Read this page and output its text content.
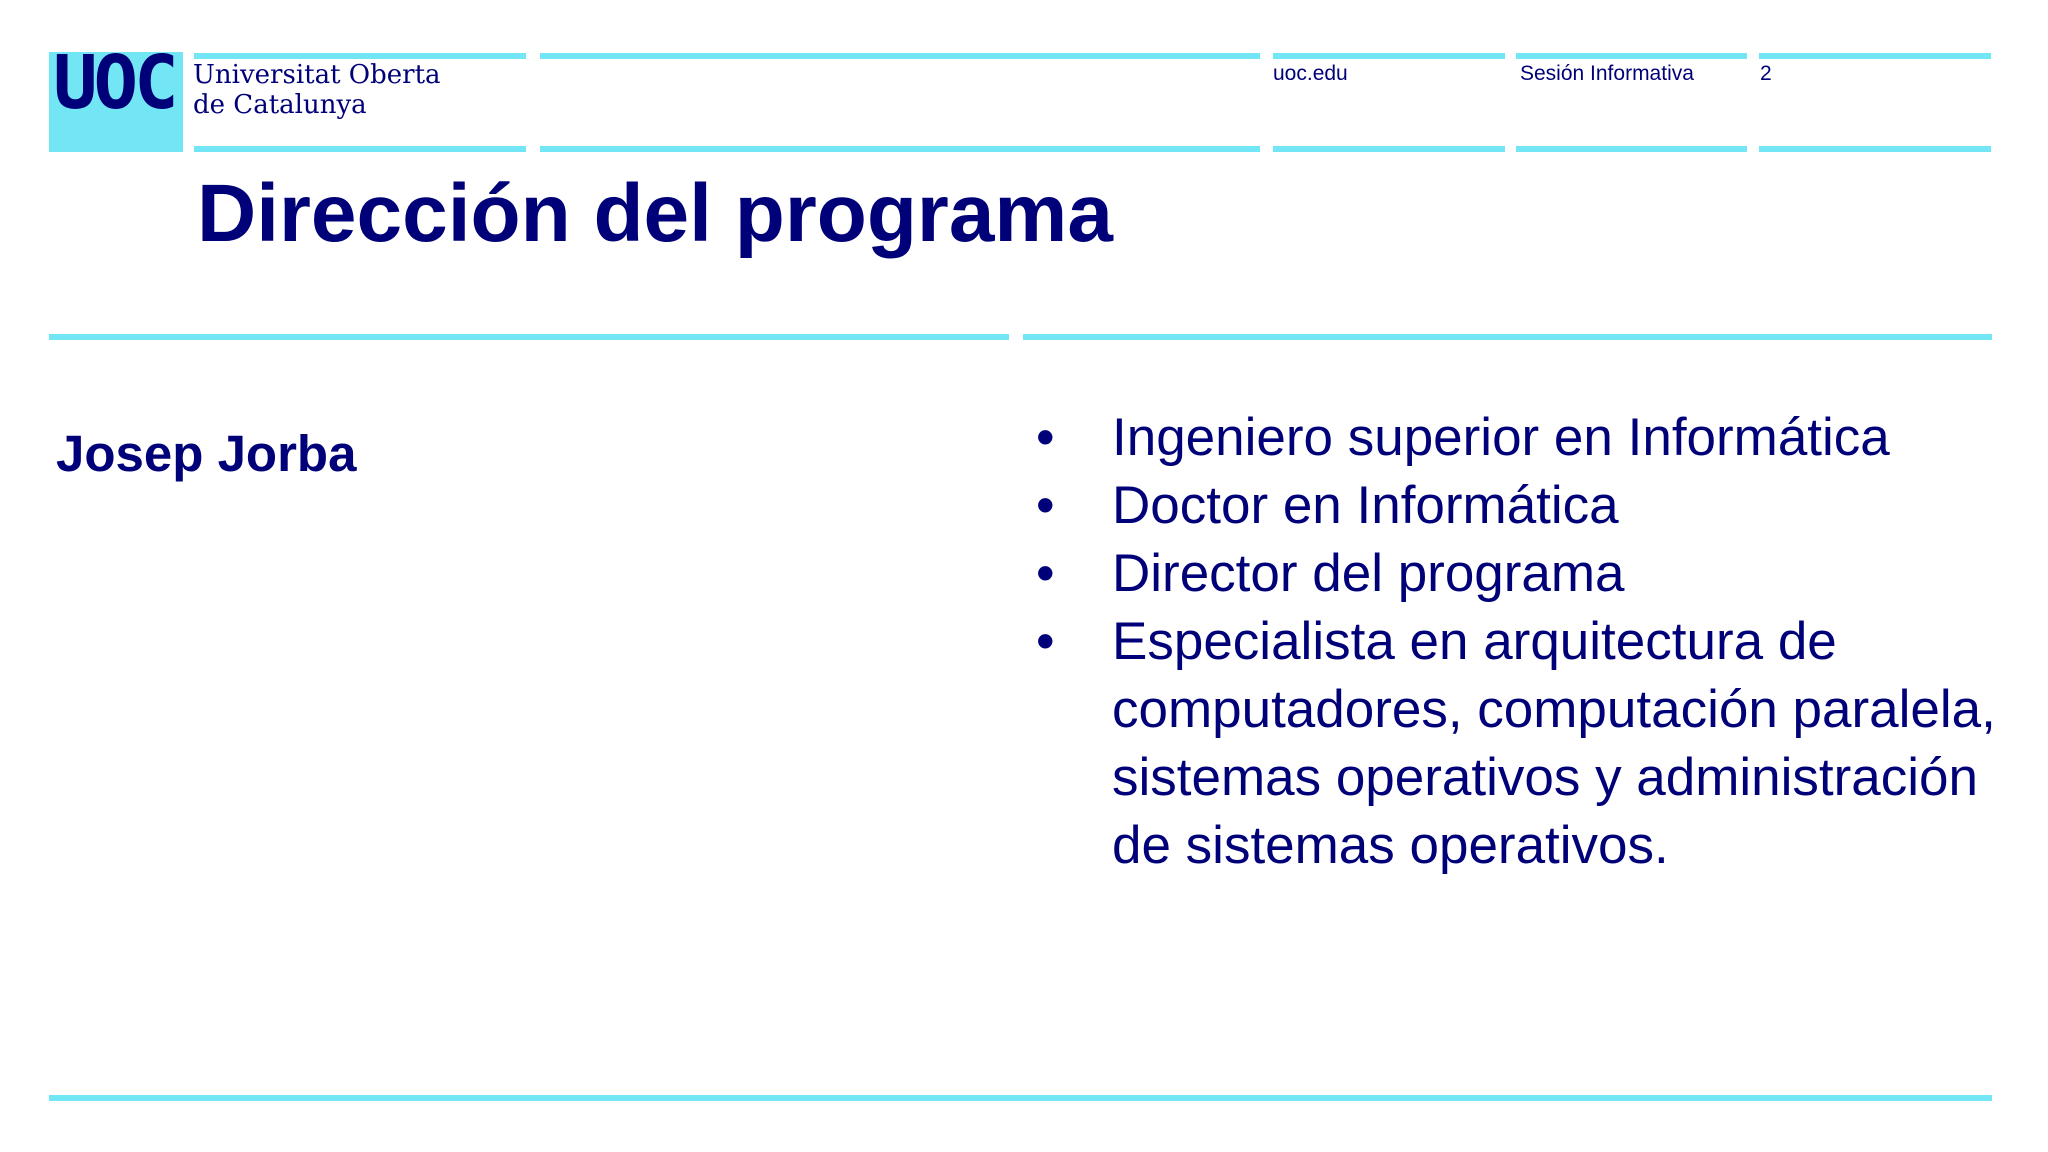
UOC Universitat Oberta
de Catalunya
uoc.edu	Sesión Informativa	2
Dirección del programa
Josep Jorba	•	Ingeniero superior en Informática
•	Doctor en Informática
•	Director del programa
•	Especialista en arquitectura de computadores, computación paralela, sistemas operativos y administración de sistemas operativos.
